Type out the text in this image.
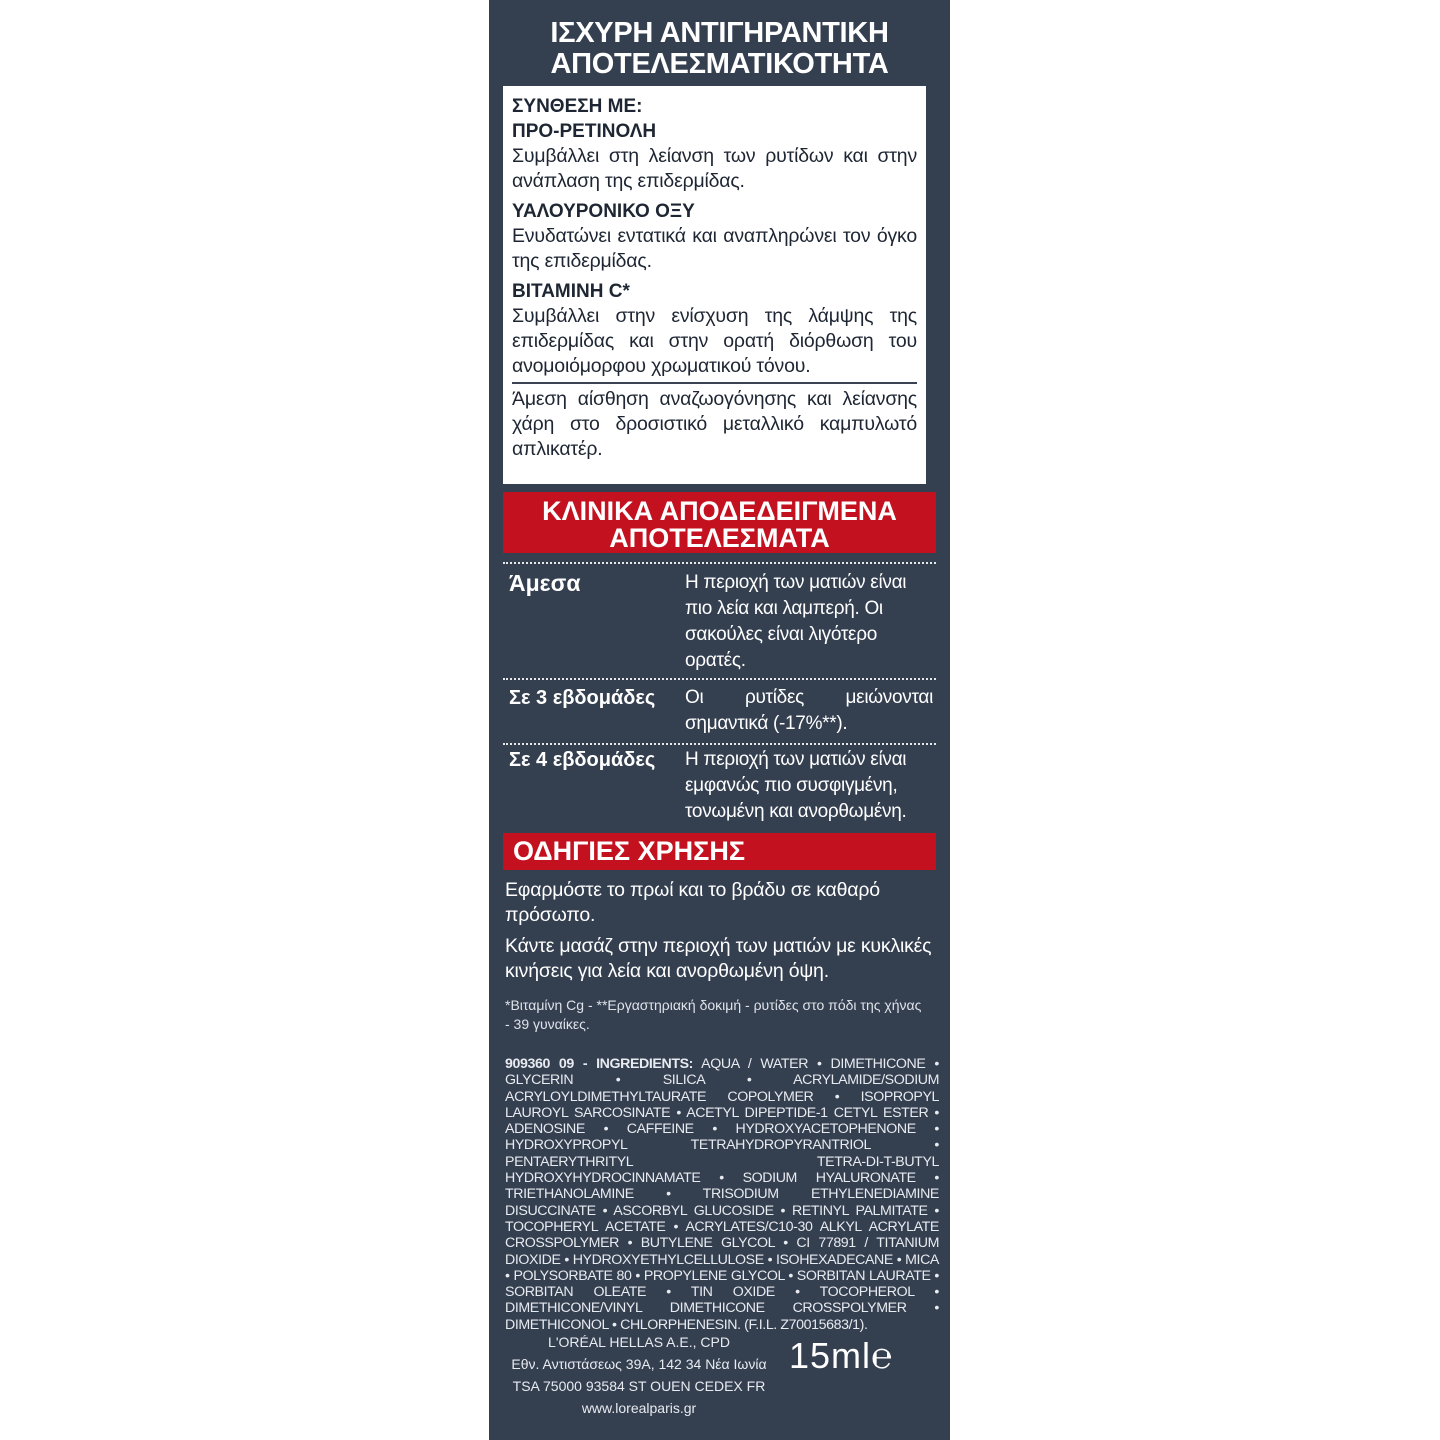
ΙΣΧΥΡΗ ΑΝΤΙΓΗΡΑΝΤΙΚΗ
ΑΠΟΤΕΛΕΣΜΑΤΙΚΟΤΗΤΑ
ΣΥΝΘΕΣΗ ΜΕ:
ΠΡΟ-ΡΕΤΙΝΟΛΗ
Συμβάλλει στη λείανση των ρυτίδων και στην ανάπλαση της επιδερμίδας.
ΥΑΛΟΥΡΟΝΙΚΟ ΟΞΥ
Ενυδατώνει εντατικά και αναπληρώνει τον όγκο της επιδερμίδας.
ΒΙΤΑΜΙΝΗ C*
Συμβάλλει στην ενίσχυση της λάμψης της επιδερμίδας και στην ορατή διόρθωση του ανομοιόμορφου χρωματικού τόνου.
Άμεση αίσθηση αναζωογόνησης και λείανσης χάρη στο δροσιστικό μεταλλικό καμπυλωτό απλικατέρ.
ΚΛΙΝΙΚΑ ΑΠΟΔΕΔΕΙΓΜΕΝΑ
ΑΠΟΤΕΛΕΣΜΑΤΑ
Άμεσα	Η περιοχή των ματιών είναι πιο λεία και λαμπερή. Οι σακούλες είναι λιγότερο ορατές.
Σε 3 εβδομάδες Οι ρυτίδες μειώνονται σημαντικά (-17%**).
Σε 4 εβδομάδες Η περιοχή των ματιών είναι εμφανώς πιο συσφιγμένη, τονωμένη και ανορθωμένη.
ΟΔΗΓΙΕΣ ΧΡΗΣΗΣ
Εφαρμόστε το πρωί και το βράδυ σε καθαρό πρόσωπο.
Κάντε μασάζ στην περιοχή των ματιών με κυκλικές κινήσεις για λεία και ανορθωμένη όψη.
*Βιταμίνη Cg - **Εργαστηριακή δοκιμή - ρυτίδες στο πόδι της χήνας - 39 γυναίκες.
909360 09 - INGREDIENTS: AQUA / WATER • DIMETHICONE • GLYCERIN • SILICA • ACRYLAMIDE/SODIUM ACRYLOYLDIMETHYLTAURATE COPOLYMER • ISOPROPYL LAUROYL SARCOSINATE • ACETYL DIPEPTIDE-1 CETYL ESTER • ADENOSINE • CAFFEINE • HYDROXYACETOPHENONE • HYDROXYPROPYL TETRAHYDROPYRANTRIOL • PENTAERYTHRITYL TETRA-DI-T-BUTYL HYDROXYHYDROCINNAMATE • SODIUM HYALURONATE • TRIETHANOLAMINE • TRISODIUM ETHYLENEDIAMINE DISUCCINATE • ASCORBYL GLUCOSIDE • RETINYL PALMITATE • TOCOPHERYL ACETATE • ACRYLATES/C10-30 ALKYL ACRYLATE CROSSPOLYMER • BUTYLENE GLYCOL • CI 77891 / TITANIUM DIOXIDE • HYDROXYETHYLCELLULOSE • ISOHEXADECANE • MICA • POLYSORBATE 80 • PROPYLENE GLYCOL • SORBITAN LAURATE • SORBITAN OLEATE • TIN OXIDE • TOCOPHEROL • DIMETHICONE/VINYL DIMETHICONE CROSSPOLYMER • DIMETHICONOL • CHLORPHENESIN. (F.I.L. Z70015683/1).
L'ORÉAL HELLAS A.E., CPD
Εθν. Αντιστάσεως 39Α, 142 34 Νέα Ιωνία
TSA 75000 93584 ST OUEN CEDEX FR
www.lorealparis.gr
15ml℮
